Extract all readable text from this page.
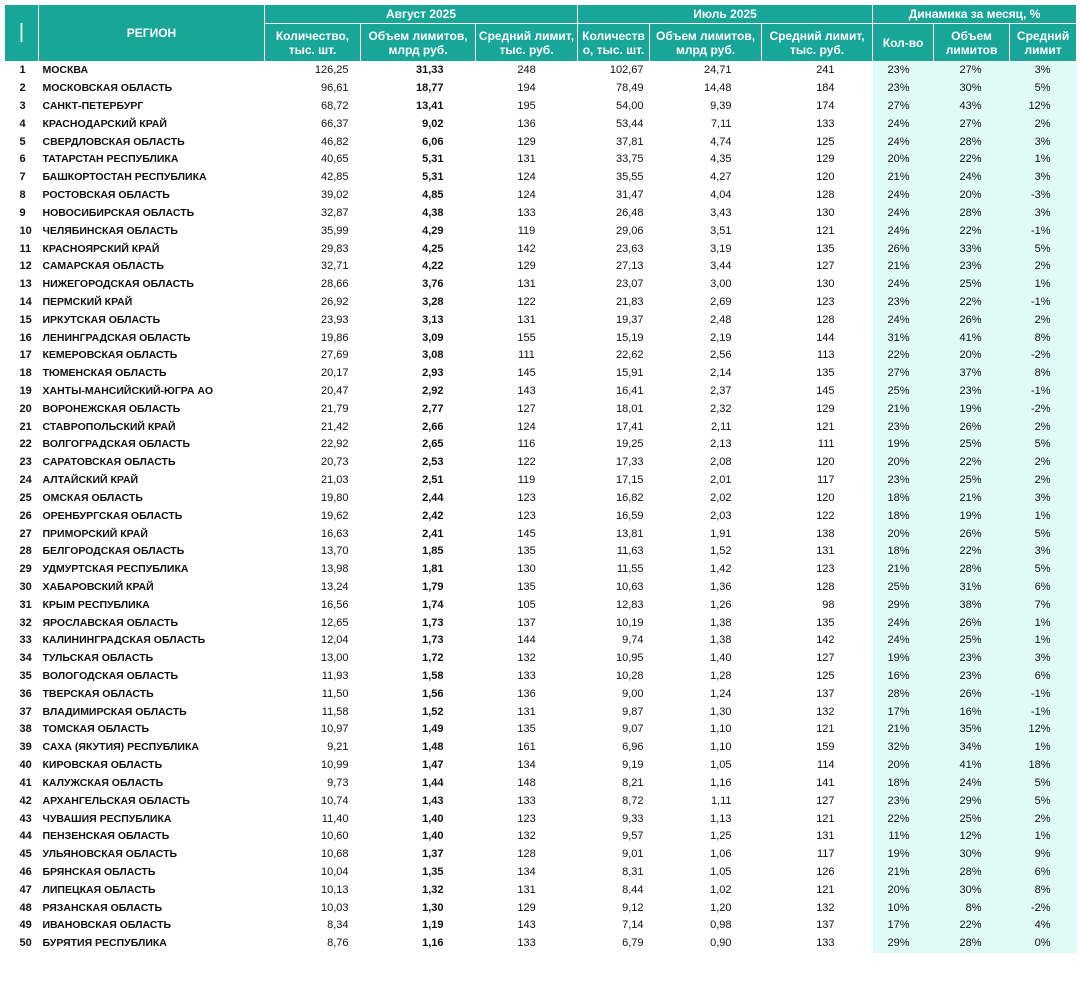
|	РЕГИОН	Август 2025			Июль 2025			Динамика за месяц, %		
		Количество, тыс. шт.	Объем лимитов, млрд руб.	Средний лимит, тыс. руб.	Количеств о, тыс. шт.	Объем лимитов, млрд руб.	Средний лимит, тыс. руб.	Кол-во	Объем лимитов	Средний лимит
1	МОСКВА	126,25	31,33	248	102,67	24,71	241	23%	27%	3%
2	МОСКОВСКАЯ ОБЛАСТЬ	96,61	18,77	194	78,49	14,48	184	23%	30%	5%
3	САНКТ-ПЕТЕРБУРГ	68,72	13,41	195	54,00	9,39	174	27%	43%	12%
4	КРАСНОДАРСКИЙ КРАЙ	66,37	9,02	136	53,44	7,11	133	24%	27%	2%
5	СВЕРДЛОВСКАЯ ОБЛАСТЬ	46,82	6,06	129	37,81	4,74	125	24%	28%	3%
6	ТАТАРСТАН РЕСПУБЛИКА	40,65	5,31	131	33,75	4,35	129	20%	22%	1%
7	БАШКОРТОСТАН РЕСПУБЛИКА	42,85	5,31	124	35,55	4,27	120	21%	24%	3%
8	РОСТОВСКАЯ ОБЛАСТЬ	39,02	4,85	124	31,47	4,04	128	24%	20%	-3%
9	НОВОСИБИРСКАЯ ОБЛАСТЬ	32,87	4,38	133	26,48	3,43	130	24%	28%	3%
10	ЧЕЛЯБИНСКАЯ ОБЛАСТЬ	35,99	4,29	119	29,06	3,51	121	24%	22%	-1%
11	КРАСНОЯРСКИЙ КРАЙ	29,83	4,25	142	23,63	3,19	135	26%	33%	5%
12	САМАРСКАЯ ОБЛАСТЬ	32,71	4,22	129	27,13	3,44	127	21%	23%	2%
13	НИЖЕГОРОДСКАЯ ОБЛАСТЬ	28,66	3,76	131	23,07	3,00	130	24%	25%	1%
14	ПЕРМСКИЙ КРАЙ	26,92	3,28	122	21,83	2,69	123	23%	22%	-1%
15	ИРКУТСКАЯ ОБЛАСТЬ	23,93	3,13	131	19,37	2,48	128	24%	26%	2%
16	ЛЕНИНГРАДСКАЯ ОБЛАСТЬ	19,86	3,09	155	15,19	2,19	144	31%	41%	8%
17	КЕМЕРОВСКАЯ ОБЛАСТЬ	27,69	3,08	111	22,62	2,56	113	22%	20%	-2%
18	ТЮМЕНСКАЯ ОБЛАСТЬ	20,17	2,93	145	15,91	2,14	135	27%	37%	8%
19	ХАНТЫ-МАНСИЙСКИЙ-ЮГРА АО	20,47	2,92	143	16,41	2,37	145	25%	23%	-1%
20	ВОРОНЕЖСКАЯ ОБЛАСТЬ	21,79	2,77	127	18,01	2,32	129	21%	19%	-2%
21	СТАВРОПОЛЬСКИЙ КРАЙ	21,42	2,66	124	17,41	2,11	121	23%	26%	2%
22	ВОЛГОГРАДСКАЯ ОБЛАСТЬ	22,92	2,65	116	19,25	2,13	111	19%	25%	5%
23	САРАТОВСКАЯ ОБЛАСТЬ	20,73	2,53	122	17,33	2,08	120	20%	22%	2%
24	АЛТАЙСКИЙ КРАЙ	21,03	2,51	119	17,15	2,01	117	23%	25%	2%
25	ОМСКАЯ ОБЛАСТЬ	19,80	2,44	123	16,82	2,02	120	18%	21%	3%
26	ОРЕНБУРГСКАЯ ОБЛАСТЬ	19,62	2,42	123	16,59	2,03	122	18%	19%	1%
27	ПРИМОРСКИЙ КРАЙ	16,63	2,41	145	13,81	1,91	138	20%	26%	5%
28	БЕЛГОРОДСКАЯ ОБЛАСТЬ	13,70	1,85	135	11,63	1,52	131	18%	22%	3%
29	УДМУРТСКАЯ РЕСПУБЛИКА	13,98	1,81	130	11,55	1,42	123	21%	28%	5%
30	ХАБАРОВСКИЙ КРАЙ	13,24	1,79	135	10,63	1,36	128	25%	31%	6%
31	КРЫМ РЕСПУБЛИКА	16,56	1,74	105	12,83	1,26	98	29%	38%	7%
32	ЯРОСЛАВСКАЯ ОБЛАСТЬ	12,65	1,73	137	10,19	1,38	135	24%	26%	1%
33	КАЛИНИНГРАДСКАЯ ОБЛАСТЬ	12,04	1,73	144	9,74	1,38	142	24%	25%	1%
34	ТУЛЬСКАЯ ОБЛАСТЬ	13,00	1,72	132	10,95	1,40	127	19%	23%	3%
35	ВОЛОГОДСКАЯ ОБЛАСТЬ	11,93	1,58	133	10,28	1,28	125	16%	23%	6%
36	ТВЕРСКАЯ ОБЛАСТЬ	11,50	1,56	136	9,00	1,24	137	28%	26%	-1%
37	ВЛАДИМИРСКАЯ ОБЛАСТЬ	11,58	1,52	131	9,87	1,30	132	17%	16%	-1%
38	ТОМСКАЯ ОБЛАСТЬ	10,97	1,49	135	9,07	1,10	121	21%	35%	12%
39	САХА (ЯКУТИЯ) РЕСПУБЛИКА	9,21	1,48	161	6,96	1,10	159	32%	34%	1%
40	КИРОВСКАЯ ОБЛАСТЬ	10,99	1,47	134	9,19	1,05	114	20%	41%	18%
41	КАЛУЖСКАЯ ОБЛАСТЬ	9,73	1,44	148	8,21	1,16	141	18%	24%	5%
42	АРХАНГЕЛЬСКАЯ ОБЛАСТЬ	10,74	1,43	133	8,72	1,11	127	23%	29%	5%
43	ЧУВАШИЯ РЕСПУБЛИКА	11,40	1,40	123	9,33	1,13	121	22%	25%	2%
44	ПЕНЗЕНСКАЯ ОБЛАСТЬ	10,60	1,40	132	9,57	1,25	131	11%	12%	1%
45	УЛЬЯНОВСКАЯ ОБЛАСТЬ	10,68	1,37	128	9,01	1,06	117	19%	30%	9%
46	БРЯНСКАЯ ОБЛАСТЬ	10,04	1,35	134	8,31	1,05	126	21%	28%	6%
47	ЛИПЕЦКАЯ ОБЛАСТЬ	10,13	1,32	131	8,44	1,02	121	20%	30%	8%
48	РЯЗАНСКАЯ ОБЛАСТЬ	10,03	1,30	129	9,12	1,20	132	10%	8%	-2%
49	ИВАНОВСКАЯ ОБЛАСТЬ	8,34	1,19	143	7,14	0,98	137	17%	22%	4%
50	БУРЯТИЯ РЕСПУБЛИКА	8,76	1,16	133	6,79	0,90	133	29%	28%	0%
